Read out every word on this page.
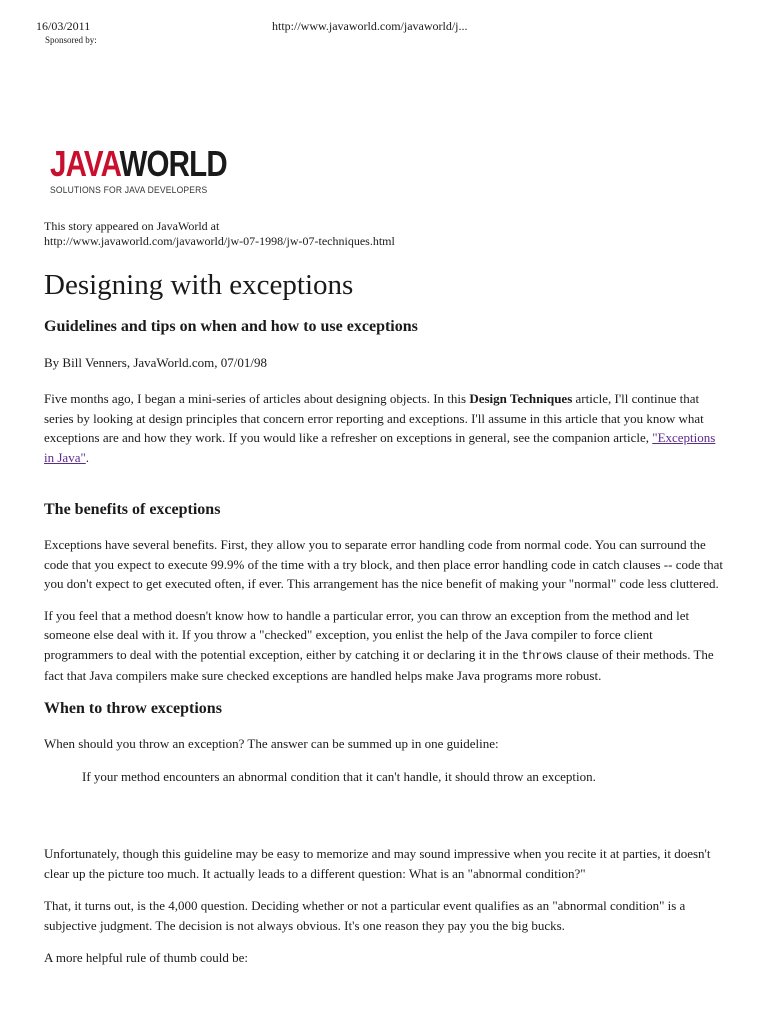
16/03/2011	http://www.javaworld.com/javaworld/j...
Sponsored by:
JAVAWORLD
SOLUTIONS FOR JAVA DEVELOPERS

This story appeared on JavaWorld at
http://www.javaworld.com/javaworld/jw-07-1998/jw-07-techniques.html

Designing with exceptions
Guidelines and tips on when and how to use exceptions

By Bill Venners, JavaWorld.com, 07/01/98

Five months ago, I began a mini-series of articles about designing objects. In this Design Techniques article, I'll continue that series by looking at design principles that concern error reporting and exceptions. I'll assume in this article that you know what exceptions are and how they work. If you would like a refresher on exceptions in general, see the companion article, "Exceptions in Java".

The benefits of exceptions

Exceptions have several benefits. First, they allow you to separate error handling code from normal code. You can surround the code that you expect to execute 99.9% of the time with a try block, and then place error handling code in catch clauses -- code that you don't expect to get executed often, if ever. This arrangement has the nice benefit of making your "normal" code less cluttered.

If you feel that a method doesn't know how to handle a particular error, you can throw an exception from the method and let someone else deal with it. If you throw a "checked" exception, you enlist the help of the Java compiler to force client programmers to deal with the potential exception, either by catching it or declaring it in the throws clause of their methods. The fact that Java compilers make sure checked exceptions are handled helps make Java programs more robust.

When to throw exceptions

When should you throw an exception? The answer can be summed up in one guideline:

If your method encounters an abnormal condition that it can't handle, it should throw an exception.

Unfortunately, though this guideline may be easy to memorize and may sound impressive when you recite it at parties, it doesn't clear up the picture too much. It actually leads to a different question: What is an "abnormal condition?"

That, it turns out, is the 4,000 question. Deciding whether or not a particular event qualifies as an "abnormal condition" is a subjective judgment. The decision is not always obvious. It's one reason they pay you the big bucks.

A more helpful rule of thumb could be:
